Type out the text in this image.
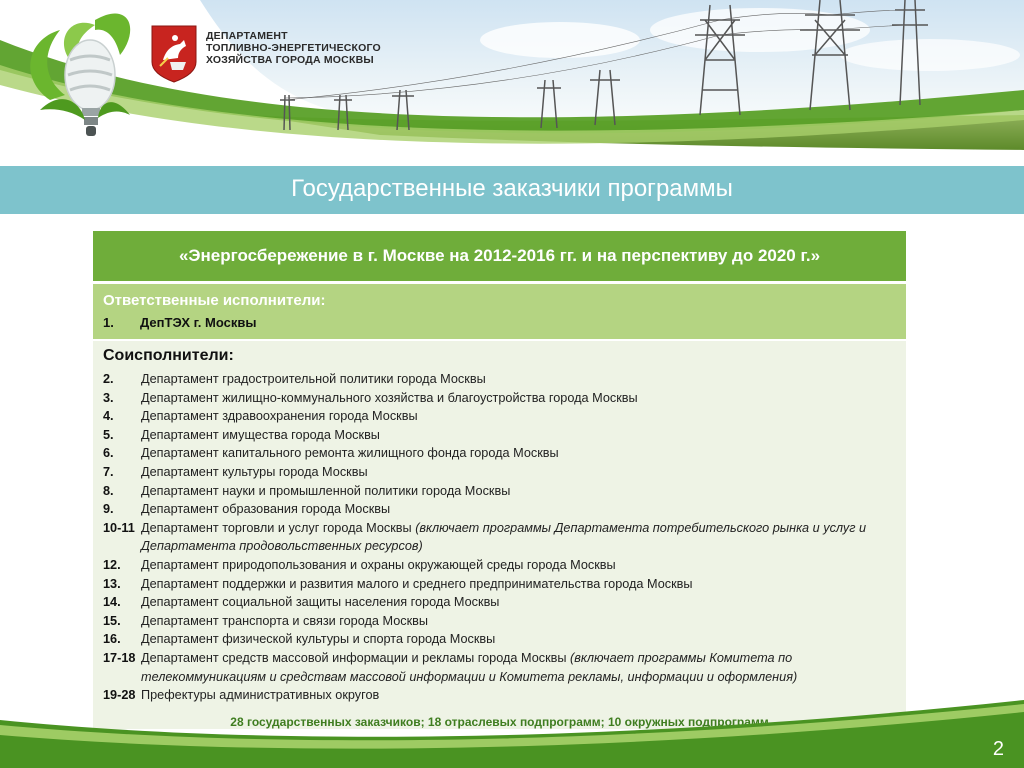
ДЕПАРТАМЕНТ
ТОПЛИВНО-ЭНЕРГЕТИЧЕСКОГО
ХОЗЯЙСТВА ГОРОДА МОСКВЫ
Государственные заказчики программы
«Энергосбережение в г. Москве на 2012-2016 гг. и на перспективу до 2020 г.»
Ответственные исполнители:
1. ДепТЭХ г. Москвы
Соисполнители:
2.	Департамент градостроительной политики города Москвы
3.	Департамент жилищно-коммунального хозяйства и благоустройства города Москвы
4.	Департамент здравоохранения города Москвы
5.	Департамент имущества города Москвы
6.	Департамент капитального ремонта жилищного фонда города Москвы
7.	Департамент культуры города Москвы
8.	Департамент науки и промышленной политики города Москвы
9.	Департамент образования города Москвы
10-11 Департамент торговли и услуг города Москвы (включает программы Департамента потребительского рынка и услуг и Департамента продовольственных ресурсов)
12.	Департамент природопользования и охраны окружающей среды города Москвы
13.	Департамент поддержки и развития малого и среднего предпринимательства города Москвы
14.	Департамент социальной защиты населения города Москвы
15.	Департамент транспорта и связи города Москвы
16.	Департамент физической культуры и спорта города Москвы
17-18 Департамент средств массовой информации и рекламы города Москвы (включает программы Комитета по телекоммуникациям и средствам массовой информации и Комитета рекламы, информации и оформления)
19-28 Префектуры административных округов
28 государственных заказчиков; 18 отраслевых подпрограмм; 10 окружных подпрограмм
2
